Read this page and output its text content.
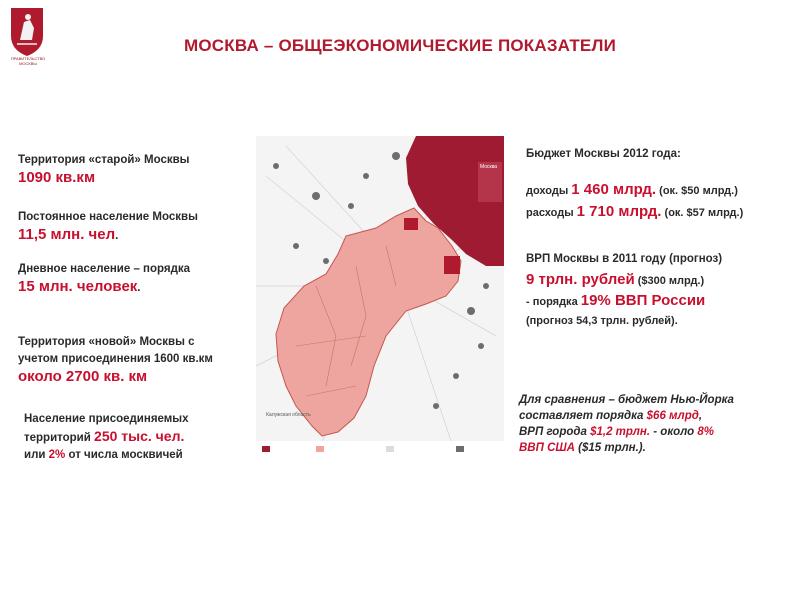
ПРАВИТЕЛЬСТВО МОСКВЫ
МОСКВА – ОБЩЕЭКОНОМИЧЕСКИЕ ПОКАЗАТЕЛИ
Территория «старой» Москвы
1090 кв.км
Постоянное население Москвы
11,5 млн. чел.
Дневное население – порядка
15 млн. человек.
Территория «новой» Москвы с
учетом присоединения 1600 кв.км
около 2700 кв. км
Население присоединяемых
территорий 250 тыс. чел.
или 2% от числа москвичей
Москва
Калужская область
Бюджет Москвы 2012 года:
доходы 1 460 млрд. (ок. $50 млрд.)
расходы 1 710 млрд. (ок. $57 млрд.)
ВРП Москвы в 2011 году (прогноз)
9 трлн. рублей ($300 млрд.)
- порядка 19% ВВП России
(прогноз 54,3 трлн. рублей).
Для сравнения – бюджет Нью-Йорка
составляет порядка $66 млрд,
ВРП города $1,2 трлн. - около 8%
ВВП США ($15 трлн.).
